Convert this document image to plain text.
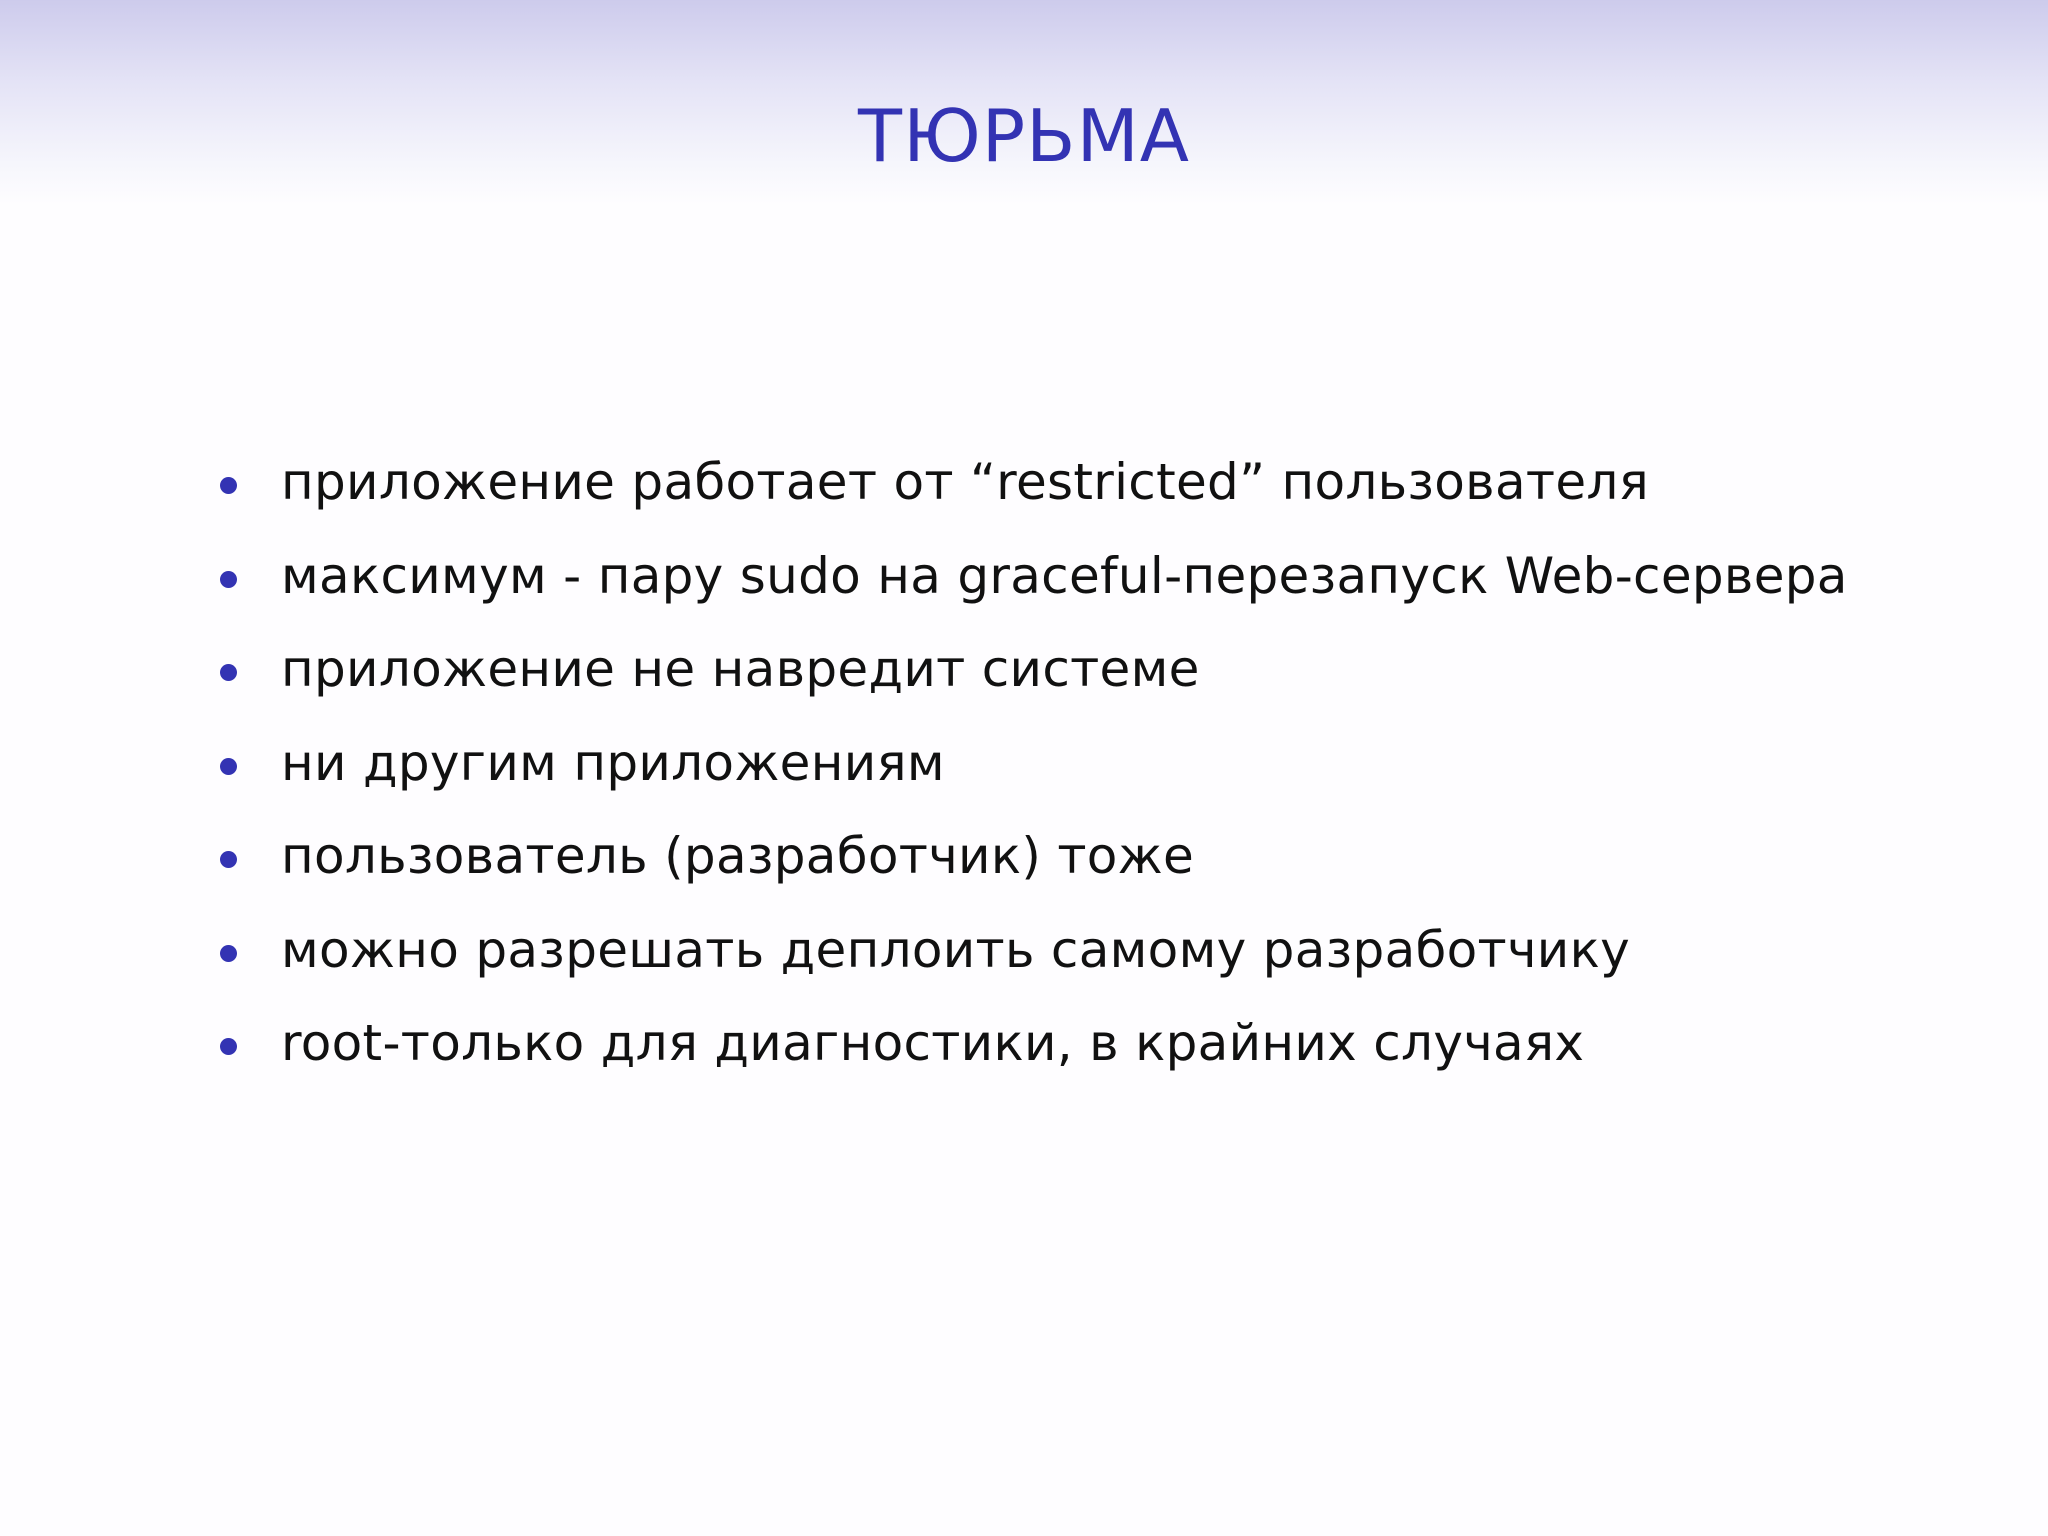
ТЮРЬМА
приложение работает от “restricted” пользователя
максимум - пару sudo на graceful-перезапуск Web-сервера
приложение не навредит системе
ни другим приложениям
пользователь (разработчик) тоже
можно разрешать деплоить самому разработчику
root-только для диагностики, в крайних случаях
